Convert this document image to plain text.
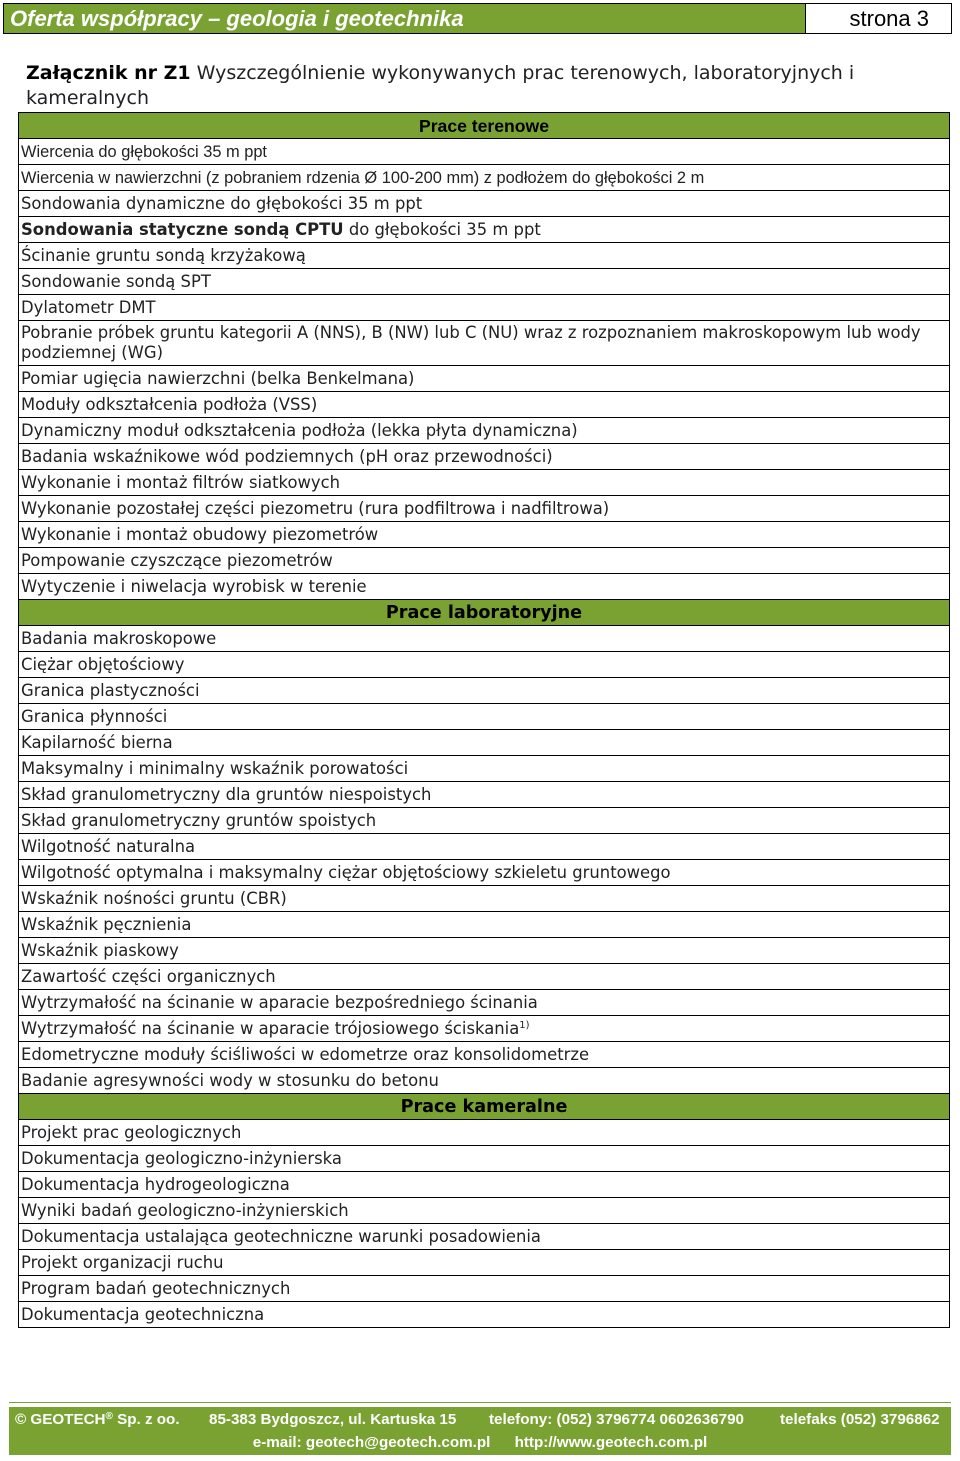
Oferta współpracy – geologia i geotechnika	strona 3
Załącznik nr Z1 Wyszczególnienie wykonywanych prac terenowych, laboratoryjnych i kameralnych
Prace terenowe
Wiercenia do głębokości 35 m ppt
Wiercenia w nawierzchni (z pobraniem rdzenia Ø 100-200 mm) z podłożem do głębokości 2 m
Sondowania dynamiczne do głębokości 35 m ppt
Sondowania statyczne sondą CPTU do głębokości 35 m ppt
Ścinanie gruntu sondą krzyżakową
Sondowanie sondą SPT
Dylatometr DMT
Pobranie próbek gruntu kategorii A (NNS), B (NW) lub C (NU) wraz z rozpoznaniem makroskopowym lub wody podziemnej (WG)
Pomiar ugięcia nawierzchni (belka Benkelmana)
Moduły odkształcenia podłoża (VSS)
Dynamiczny moduł odkształcenia podłoża (lekka płyta dynamiczna)
Badania wskaźnikowe wód podziemnych (pH oraz przewodności)
Wykonanie i montaż filtrów siatkowych
Wykonanie pozostałej części piezometru (rura podfiltrowa i nadfiltrowa)
Wykonanie i montaż obudowy piezometrów
Pompowanie czyszczące piezometrów
Wytyczenie i niwelacja wyrobisk w terenie
Prace laboratoryjne
Badania makroskopowe
Ciężar objętościowy
Granica plastyczności
Granica płynności
Kapilarność bierna
Maksymalny i minimalny wskaźnik porowatości
Skład granulometryczny dla gruntów niespoistych
Skład granulometryczny gruntów spoistych
Wilgotność naturalna
Wilgotność optymalna i maksymalny ciężar objętościowy szkieletu gruntowego
Wskaźnik nośności gruntu (CBR)
Wskaźnik pęcznienia
Wskaźnik piaskowy
Zawartość części organicznych
Wytrzymałość na ścinanie w aparacie bezpośredniego ścinania
Wytrzymałość na ścinanie w aparacie trójosiowego ściskania$^{1)}$
Edometryczne moduły ściśliwości w edometrze oraz konsolidometrze
Badanie agresywności wody w stosunku do betonu
Prace kameralne
Projekt prac geologicznych
Dokumentacja geologiczno-inżynierska
Dokumentacja hydrogeologiczna
Wyniki badań geologiczno-inżynierskich
Dokumentacja ustalająca geotechniczne warunki posadowienia
Projekt organizacji ruchu
Program badań geotechnicznych
Dokumentacja geotechniczna
© GEOTECH® Sp. z oo. 85-383 Bydgoszcz, ul. Kartuska 15 telefony: (052) 3796774 0602636790 telefaks (052) 3796862
e-mail: geotech@geotech.com.pl http://www.geotech.com.pl
